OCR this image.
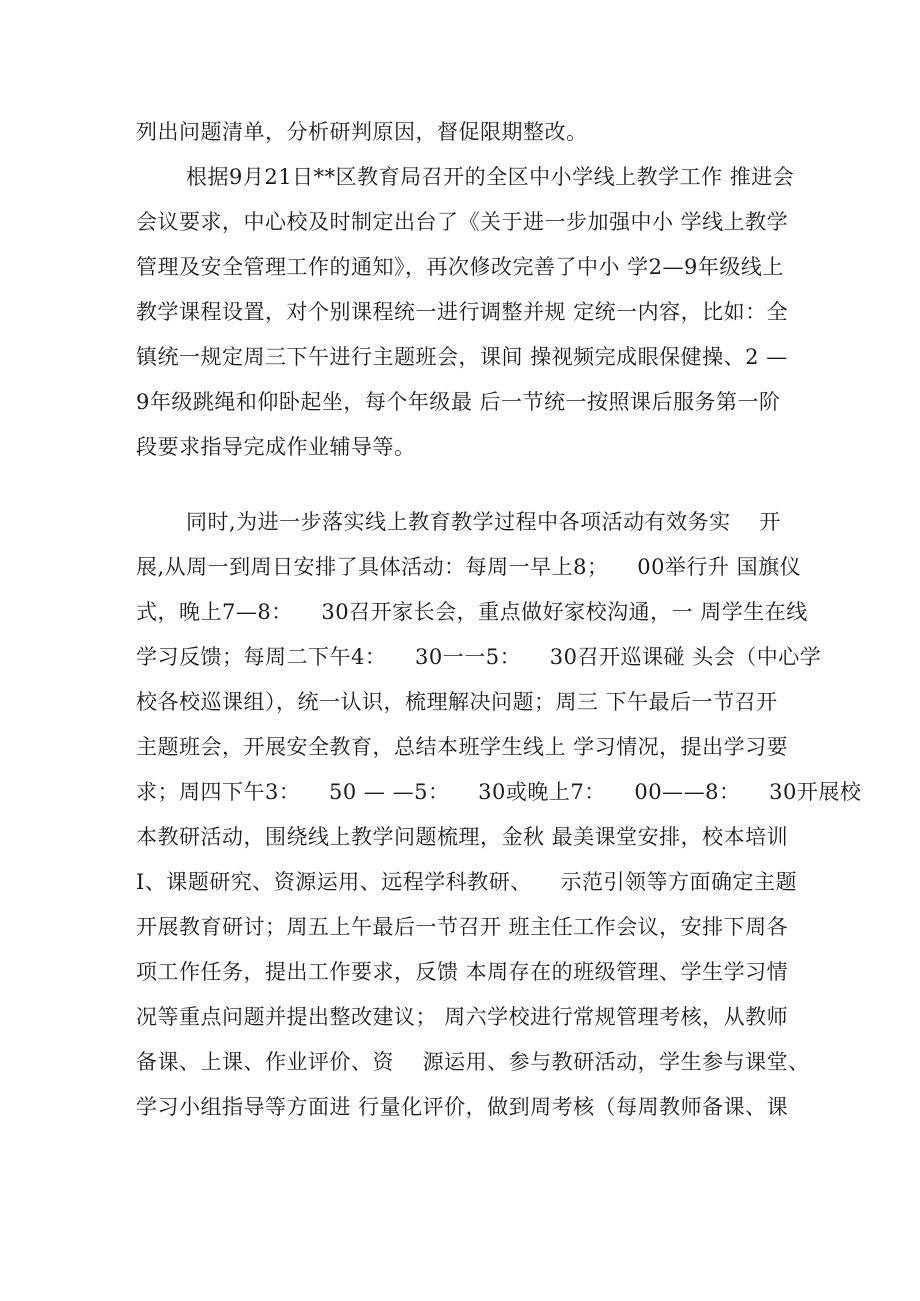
列出问题清单，分析研判原因，督促限期整改。
根据9月21日**区教育局召开的全区中小学线上教学工作 推进会
会议要求，中心校及时制定出台了《关于进一步加强中小 学线上教学
管理及安全管理工作的通知》，再次修改完善了中小 学2—9年级线上
教学课程设置，对个别课程统一进行调整并规 定统一内容，比如：全
镇统一规定周三下午进行主题班会，课间 操视频完成眼保健操、2 —
9年级跳绳和仰卧起坐，每个年级最 后一节统一按照课后服务第一阶
段要求指导完成作业辅导等。
同时,为进一步落实线上教育教学过程中各项活动有效务实 　开
展,从周一到周日安排了具体活动：每周一早上8； 　00举行升 国旗仪
式，晚上7—8： 　30召开家长会，重点做好家校沟通，一 周学生在线
学习反馈；每周二下午4： 　30一一5： 　30召开巡课碰 头会（中心学
校各校巡课组），统一认识，梳理解决问题；周三 下午最后一节召开
主题班会，开展安全教育，总结本班学生线上 学习情况，提出学习要
求；周四下午3： 　50 — —5： 　30或晚上7： 　00——8： 　30开展校
本教研活动，围绕线上教学问题梳理，金秋 最美课堂安排，校本培训
I、课题研究、资源运用、远程学科教研、 　示范引领等方面确定主题
开展教育研讨；周五上午最后一节召开 班主任工作会议，安排下周各
项工作任务，提出工作要求，反馈 本周存在的班级管理、学生学习情
况等重点问题并提出整改建议； 周六学校进行常规管理考核，从教师
备课、上课、作业评价、资 　源运用、参与教研活动，学生参与课堂、
学习小组指导等方面进 行量化评价，做到周考核（每周教师备课、课
